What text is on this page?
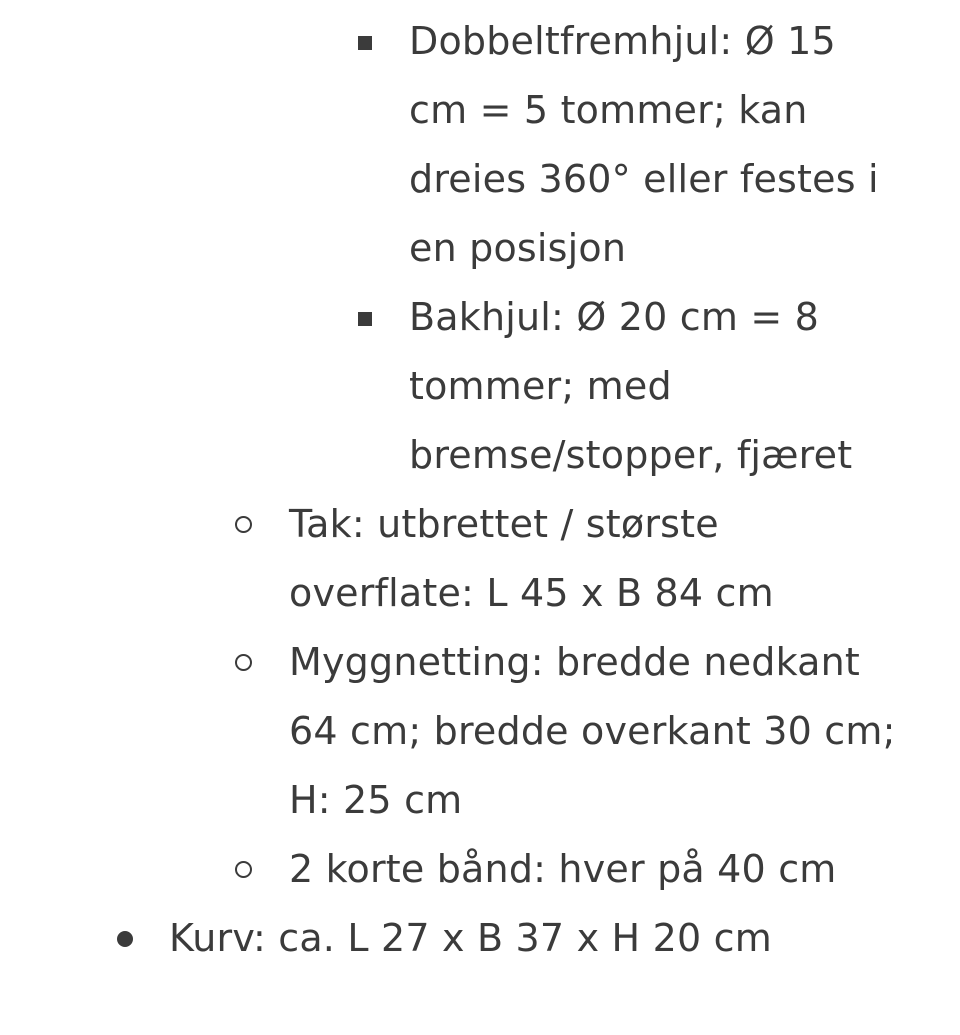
Dobbeltfremhjul: Ø 15
cm = 5 tommer; kan
dreies 360° eller festes i
en posisjon
Bakhjul: Ø 20 cm = 8
tommer; med
bremse/stopper, fjæret
Tak: utbrettet / største
overflate: L 45 x B 84 cm
Myggnetting: bredde nedkant
64 cm; bredde overkant 30 cm;
H: 25 cm
2 korte bånd: hver på 40 cm
Kurv: ca. L 27 x B 37 x H 20 cm
